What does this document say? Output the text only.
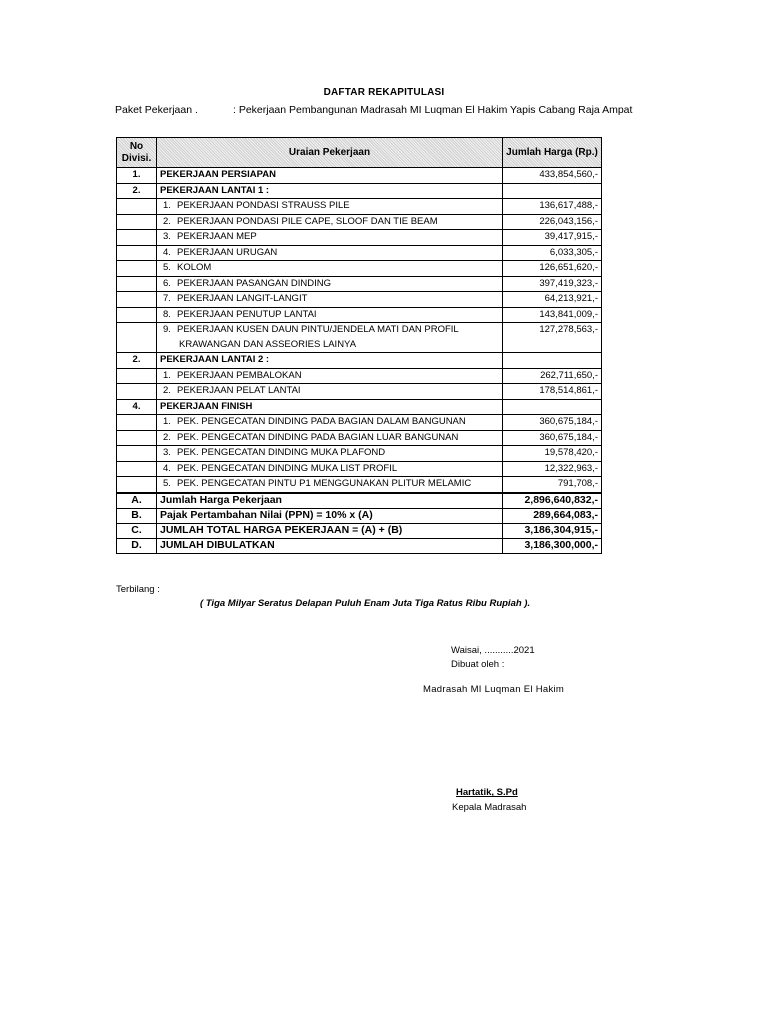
DAFTAR REKAPITULASI
Paket Pekerjaan .	: Pekerjaan Pembangunan Madrasah MI Luqman El Hakim Yapis Cabang Raja Ampat
No Divisi.	Uraian Pekerjaan	Jumlah Harga (Rp.)
1.	PEKERJAAN PERSIAPAN	433,854,560,-
2.	PEKERJAAN LANTAI 1 :	
	1. PEKERJAAN PONDASI STRAUSS PILE	136,617,488,-
	2. PEKERJAAN PONDASI PILE CAPE, SLOOF DAN TIE BEAM	226,043,156,-
	3. PEKERJAAN MEP	39,417,915,-
	4. PEKERJAAN URUGAN	6,033,305,-
	5. KOLOM	126,651,620,-
	6. PEKERJAAN PASANGAN DINDING	397,419,323,-
	7. PEKERJAAN LANGIT-LANGIT	64,213,921,-
	8. PEKERJAAN PENUTUP LANTAI	143,841,009,-
	9. PEKERJAAN KUSEN DAUN PINTU/JENDELA MATI DAN PROFIL	127,278,563,-
	KRAWANGAN DAN ASSEORIES LAINYA	
2.	PEKERJAAN LANTAI 2 :	
	1. PEKERJAAN PEMBALOKAN	262,711,650,-
	2. PEKERJAAN PELAT LANTAI	178,514,861,-
4.	PEKERJAAN FINISH	
	1. PEK. PENGECATAN DINDING PADA BAGIAN DALAM BANGUNAN	360,675,184,-
	2. PEK. PENGECATAN DINDING PADA BAGIAN LUAR BANGUNAN	360,675,184,-
	3. PEK. PENGECATAN DINDING MUKA PLAFOND	19,578,420,-
	4. PEK. PENGECATAN DINDING MUKA LIST PROFIL	12,322,963,-
	5. PEK. PENGECATAN PINTU P1 MENGGUNAKAN PLITUR MELAMIC	791,708,-
A.	Jumlah Harga Pekerjaan	2,896,640,832,-
B.	Pajak Pertambahan Nilai (PPN) = 10% x (A)	289,664,083,-
C.	JUMLAH TOTAL HARGA PEKERJAAN = (A) + (B)	3,186,304,915,-
D.	JUMLAH DIBULATKAN	3,186,300,000,-
Terbilang :
( Tiga Milyar Seratus Delapan Puluh Enam Juta Tiga Ratus Ribu Rupiah ).
Waisai, ...........2021
Dibuat oleh :
Madrasah MI Luqman El Hakim
Hartatik, S.Pd
Kepala Madrasah
